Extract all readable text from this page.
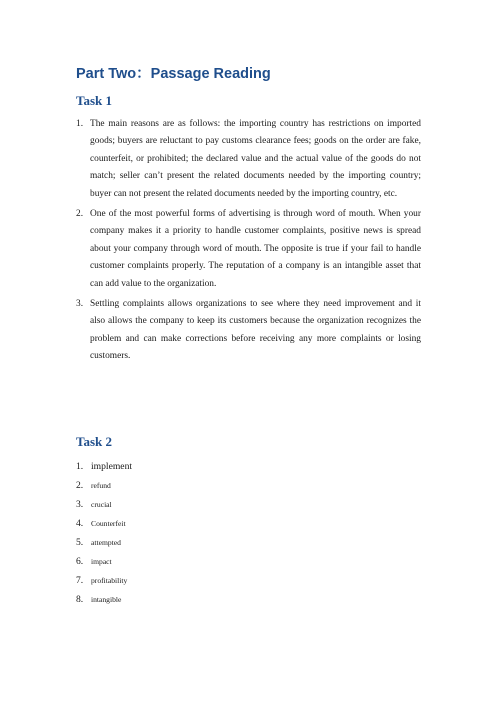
Part Two：Passage Reading
Task 1
1. The main reasons are as follows: the importing country has restrictions on imported goods; buyers are reluctant to pay customs clearance fees; goods on the order are fake, counterfeit, or prohibited; the declared value and the actual value of the goods do not match; seller can’t present the related documents needed by the importing country; buyer can not present the related documents needed by the importing country, etc.
2. One of the most powerful forms of advertising is through word of mouth. When your company makes it a priority to handle customer complaints, positive news is spread about your company through word of mouth. The opposite is true if your fail to handle customer complaints properly. The reputation of a company is an intangible asset that can add value to the organization.
3. Settling complaints allows organizations to see where they need improvement and it also allows the company to keep its customers because the organization recognizes the problem and can make corrections before receiving any more complaints or losing customers.
Task 2
1. implement
2. refund
3. crucial
4. Counterfeit
5. attempted
6. impact
7. profitability
8. intangible
